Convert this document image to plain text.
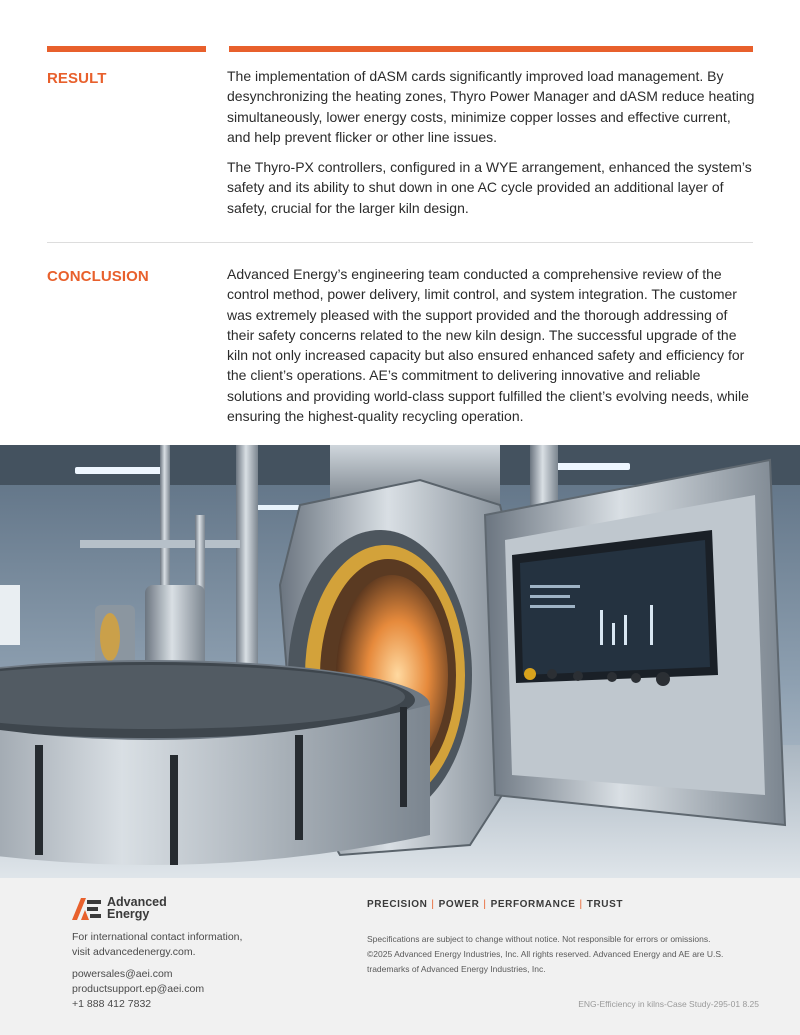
RESULT	The implementation of dASM cards significantly improved load management. By desynchronizing the heating zones, Thyro Power Manager and dASM reduce heating simultaneously, lower energy costs, minimize copper losses and effective current, and help prevent flicker or other line issues.

The Thyro-PX controllers, configured in a WYE arrangement, enhanced the system’s safety and its ability to shut down in one AC cycle provided an additional layer of safety, crucial for the larger kiln design.

CONCLUSION	Advanced Energy’s engineering team conducted a comprehensive review of the control method, power delivery, limit control, and system integration. The customer was extremely pleased with the support provided and the thorough addressing of their safety concerns related to the new kiln design. The successful upgrade of the kiln not only increased capacity but also ensured enhanced safety and efficiency for the client’s operations. AE’s commitment to delivering innovative and reliable solutions and providing world-class support fulfilled the client’s evolving needs, while ensuring the highest-quality recycling operation.

Advanced
Energy
PRECISION | POWER | PERFORMANCE | TRUST
For international contact information,
visit advancedenergy.com.
powersales@aei.com
productsupport.ep@aei.com
+1 888 412 7832

Specifications are subject to change without notice. Not responsible for errors or omissions.

©2025 Advanced Energy Industries, Inc. All rights reserved. Advanced Energy and AE are U.S. trademarks of Advanced Energy Industries, Inc.

ENG-Efficiency in kilns-Case Study-295-01 8.25
